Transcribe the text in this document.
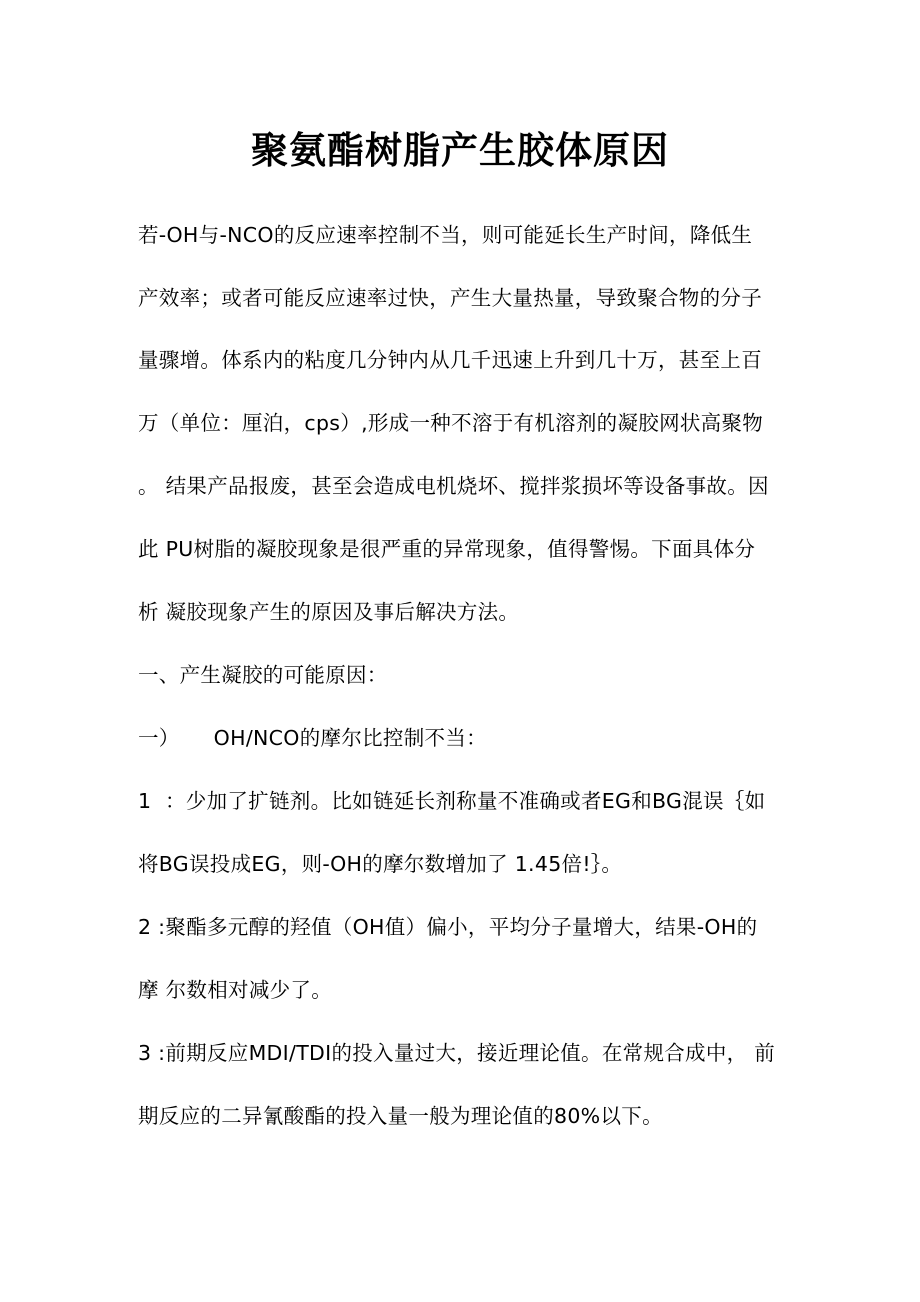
聚氨酯树脂产生胶体原因
若-OH与-NCO的反应速率控制不当，则可能延长生产时间，降低生
产效率；或者可能反应速率过快，产生大量热量，导致聚合物的分子
量骤增。体系内的粘度几分钟内从几千迅速上升到几十万，甚至上百
万（单位：厘泊，cps）,形成一种不溶于有机溶剂的凝胶网状高聚物
。 结果产品报废，甚至会造成电机烧坏、搅拌浆损坏等设备事故。因
此 PU树脂的凝胶现象是很严重的异常现象，值得警惕。下面具体分
析 凝胶现象产生的原因及事后解决方法。
一、产生凝胶的可能原因：
一）     OH/NCO的摩尔比控制不当：
1  ：少加了扩链剂。比如链延长剂称量不准确或者EG和BG混误｛如
将BG误投成EG，则-OH的摩尔数增加了 1.45倍!｝。
2 :聚酯多元醇的羟值（OH值）偏小，平均分子量增大，结果-OH的
摩 尔数相对减少了。
3 :前期反应MDI/TDI的投入量过大，接近理论值。在常规合成中， 前
期反应的二异氰酸酯的投入量一般为理论值的80%以下。
